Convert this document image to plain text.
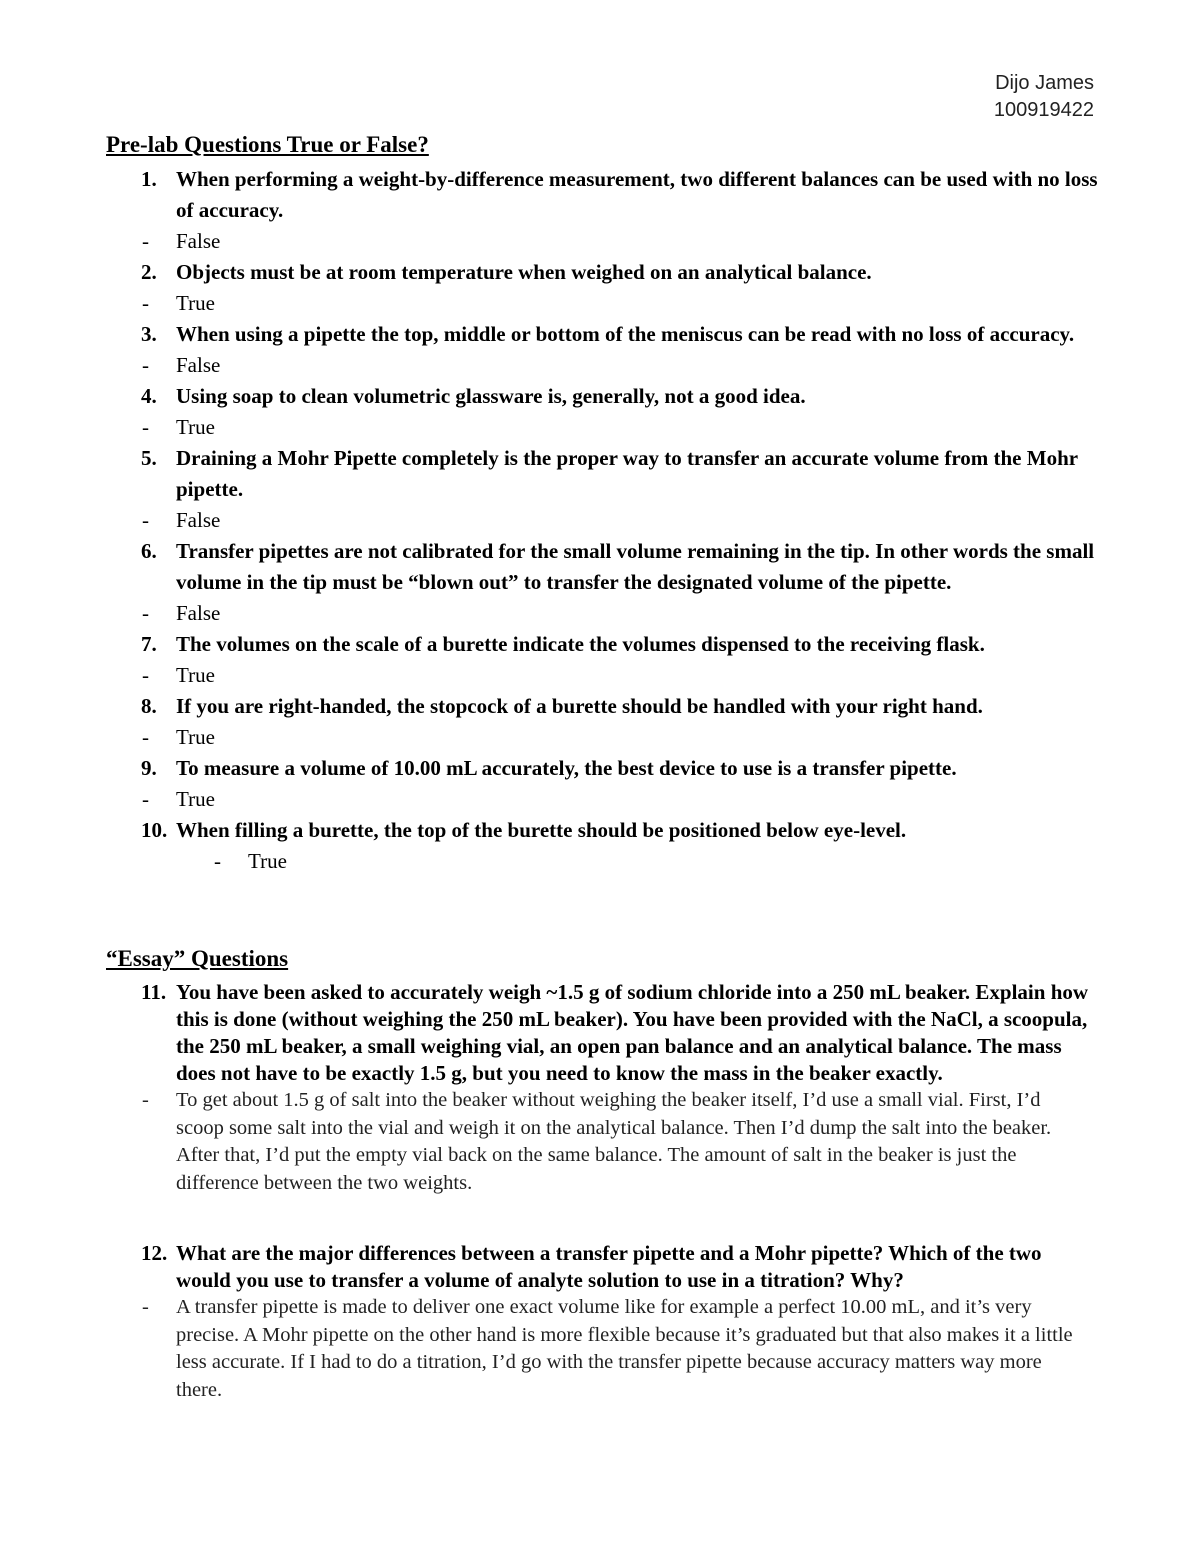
Dijo James
100919422
Pre-lab Questions True or False?
1. When performing a weight-by-difference measurement, two different balances can be used with no loss of accuracy.
- False
2. Objects must be at room temperature when weighed on an analytical balance.
- True
3. When using a pipette the top, middle or bottom of the meniscus can be read with no loss of accuracy.
- False
4. Using soap to clean volumetric glassware is, generally, not a good idea.
- True
5. Draining a Mohr Pipette completely is the proper way to transfer an accurate volume from the Mohr pipette.
- False
6. Transfer pipettes are not calibrated for the small volume remaining in the tip. In other words the small volume in the tip must be “blown out” to transfer the designated volume of the pipette.
- False
7. The volumes on the scale of a burette indicate the volumes dispensed to the receiving flask.
- True
8. If you are right-handed, the stopcock of a burette should be handled with your right hand.
- True
9. To measure a volume of 10.00 mL accurately, the best device to use is a transfer pipette.
- True
10. When filling a burette, the top of the burette should be positioned below eye-level.
- True
“Essay” Questions
11. You have been asked to accurately weigh ~1.5 g of sodium chloride into a 250 mL beaker. Explain how this is done (without weighing the 250 mL beaker). You have been provided with the NaCl, a scoopula, the 250 mL beaker, a small weighing vial, an open pan balance and an analytical balance. The mass does not have to be exactly 1.5 g, but you need to know the mass in the beaker exactly.
- To get about 1.5 g of salt into the beaker without weighing the beaker itself, I’d use a small vial. First, I’d scoop some salt into the vial and weigh it on the analytical balance. Then I’d dump the salt into the beaker. After that, I’d put the empty vial back on the same balance. The amount of salt in the beaker is just the difference between the two weights.
12. What are the major differences between a transfer pipette and a Mohr pipette? Which of the two would you use to transfer a volume of analyte solution to use in a titration? Why?
- A transfer pipette is made to deliver one exact volume like for example a perfect 10.00 mL, and it’s very precise. A Mohr pipette on the other hand is more flexible because it’s graduated but that also makes it a little less accurate. If I had to do a titration, I’d go with the transfer pipette because accuracy matters way more there.
